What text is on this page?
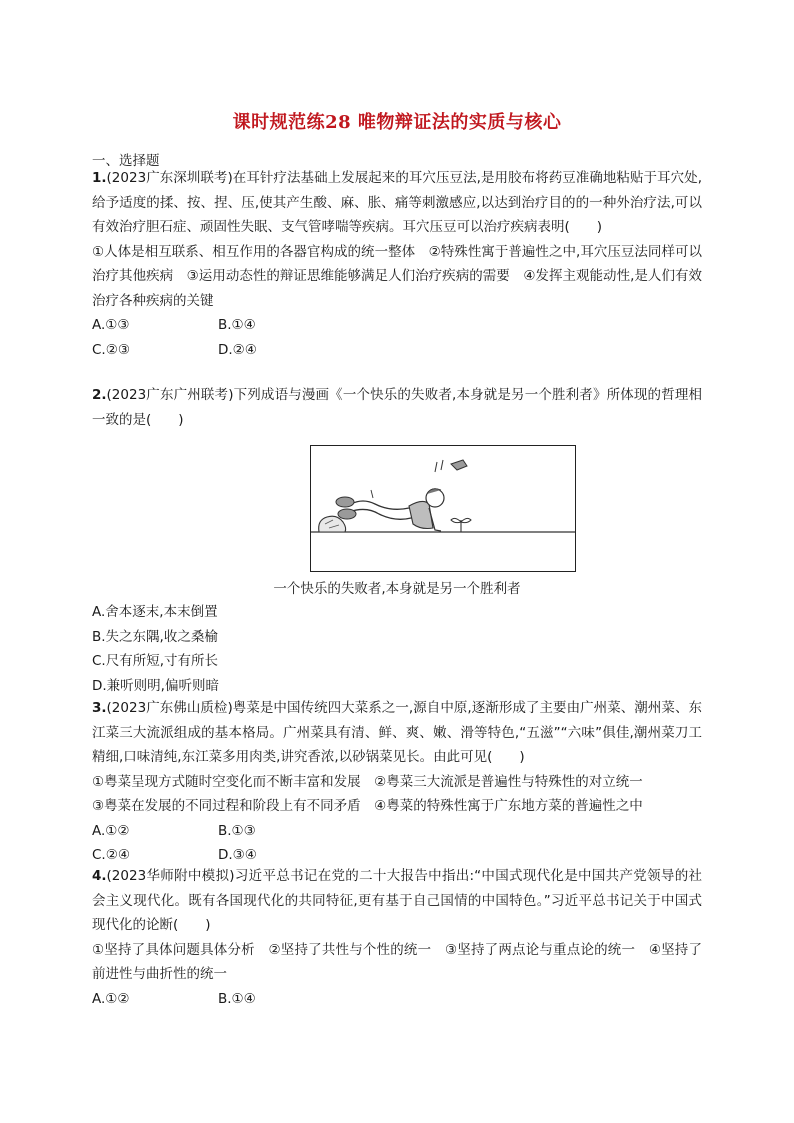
课时规范练28 唯物辩证法的实质与核心
一、选择题

1.(2023广东深圳联考)在耳针疗法基础上发展起来的耳穴压豆法,是用胶布将药豆准确地粘贴于耳穴处,给予适度的揉、按、捏、压,使其产生酸、麻、胀、痛等刺激感应,以达到治疗目的的一种外治疗法,可以有效治疗胆石症、顽固性失眠、支气管哮喘等疾病。耳穴压豆可以治疗疾病表明(　　)

①人体是相互联系、相互作用的各器官构成的统一整体　②特殊性寓于普遍性之中,耳穴压豆法同样可以治疗其他疾病　③运用动态性的辩证思维能够满足人们治疗疾病的需要　④发挥主观能动性,是人们有效治疗各种疾病的关键

A.①③	B.①④
C.②③	D.②④

2.(2023广东广州联考)下列成语与漫画《一个快乐的失败者,本身就是另一个胜利者》所体现的哲理相一致的是(　　)

一个快乐的失败者,本身就是另一个胜利者

A.舍本逐末,本末倒置

B.失之东隅,收之桑榆

C.尺有所短,寸有所长

D.兼听则明,偏听则暗

3.(2023广东佛山质检)粤菜是中国传统四大菜系之一,源自中原,逐渐形成了主要由广州菜、潮州菜、东江菜三大流派组成的基本格局。广州菜具有清、鲜、爽、嫩、滑等特色,“五滋”“六味”俱佳,潮州菜刀工精细,口味清纯,东江菜多用肉类,讲究香浓,以砂锅菜见长。由此可见(　　)

①粤菜呈现方式随时空变化而不断丰富和发展　②粤菜三大流派是普遍性与特殊性的对立统一

③粤菜在发展的不同过程和阶段上有不同矛盾　④粤菜的特殊性寓于广东地方菜的普遍性之中

A.①②	B.①③
C.②④	D.③④

4.(2023华师附中模拟)习近平总书记在党的二十大报告中指出:“中国式现代化是中国共产党领导的社会主义现代化。既有各国现代化的共同特征,更有基于自己国情的中国特色。”习近平总书记关于中国式现代化的论断(　　)

①坚持了具体问题具体分析　②坚持了共性与个性的统一　③坚持了两点论与重点论的统一　④坚持了前进性与曲折性的统一

A.①②	B.①④
